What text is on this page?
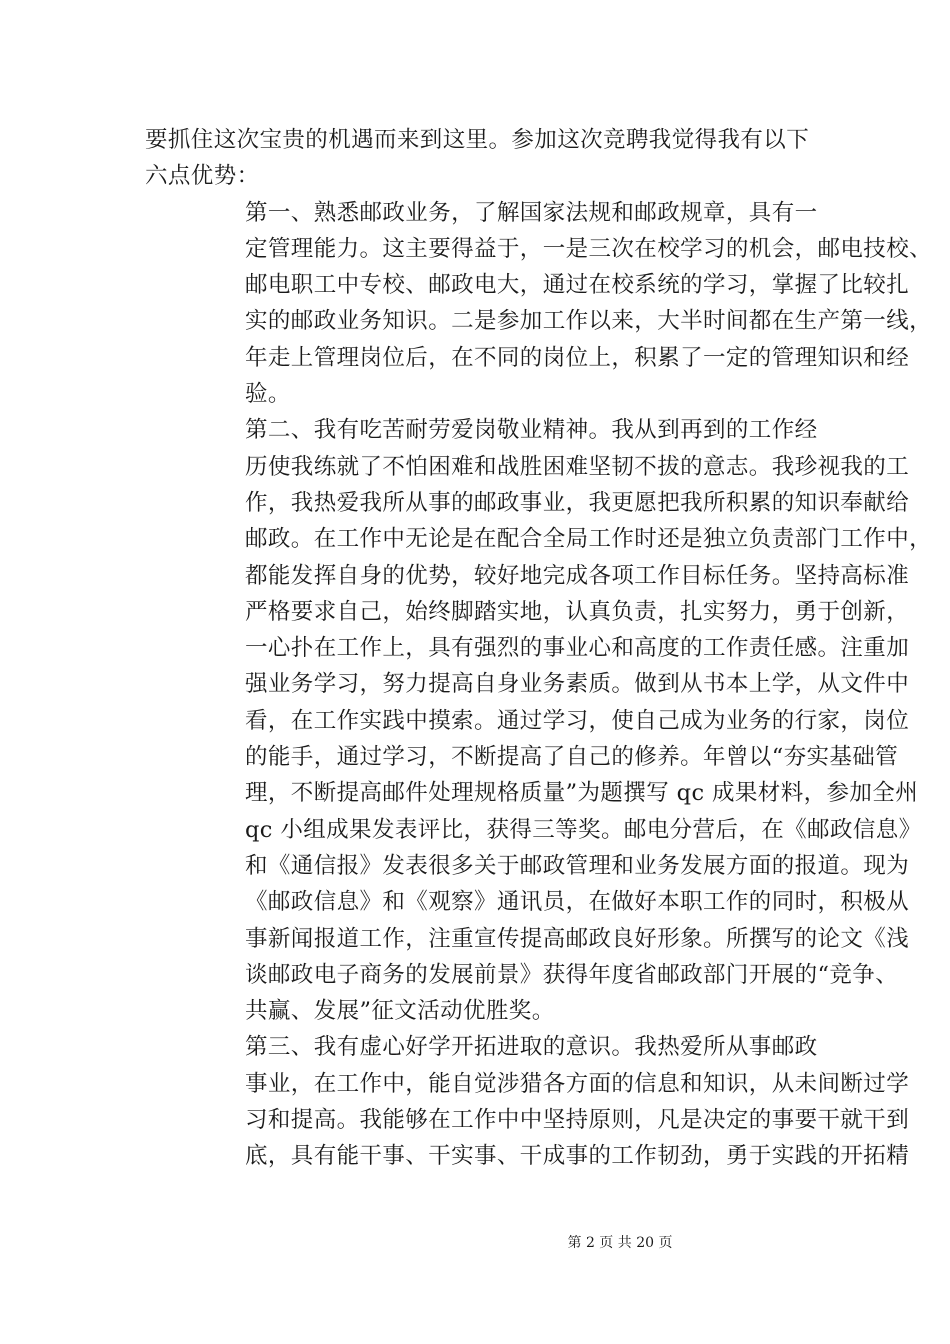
要抓住这次宝贵的机遇而来到这里。参加这次竞聘我觉得我有以下
六点优势：

第一、熟悉邮政业务，了解国家法规和邮政规章，具有一
定管理能力。这主要得益于，一是三次在校学习的机会，邮电技校、
邮电职工中专校、邮政电大，通过在校系统的学习，掌握了比较扎
实的邮政业务知识。二是参加工作以来，大半时间都在生产第一线，
年走上管理岗位后，在不同的岗位上，积累了一定的管理知识和经
验。

第二、我有吃苦耐劳爱岗敬业精神。我从到再到的工作经
历使我练就了不怕困难和战胜困难坚韧不拔的意志。我珍视我的工
作，我热爱我所从事的邮政事业，我更愿把我所积累的知识奉献给
邮政。在工作中无论是在配合全局工作时还是独立负责部门工作中，
都能发挥自身的优势，较好地完成各项工作目标任务。坚持高标准
严格要求自己，始终脚踏实地，认真负责，扎实努力，勇于创新，
一心扑在工作上，具有强烈的事业心和高度的工作责任感。注重加
强业务学习，努力提高自身业务素质。做到从书本上学，从文件中
看，在工作实践中摸索。通过学习，使自己成为业务的行家，岗位
的能手，通过学习，不断提高了自己的修养。年曾以“夯实基础管
理，不断提高邮件处理规格质量”为题撰写 qc 成果材料，参加全州
qc 小组成果发表评比，获得三等奖。邮电分营后，在《邮政信息》
和《通信报》发表很多关于邮政管理和业务发展方面的报道。现为
《邮政信息》和《观察》通讯员，在做好本职工作的同时，积极从
事新闻报道工作，注重宣传提高邮政良好形象。所撰写的论文《浅
谈邮政电子商务的发展前景》获得年度省邮政部门开展的“竞争、
共赢、发展”征文活动优胜奖。

第三、我有虚心好学开拓进取的意识。我热爱所从事邮政
事业，在工作中，能自觉涉猎各方面的信息和知识，从未间断过学
习和提高。我能够在工作中中坚持原则，凡是决定的事要干就干到
底，具有能干事、干实事、干成事的工作韧劲，勇于实践的开拓精

第 2 页 共 20 页
